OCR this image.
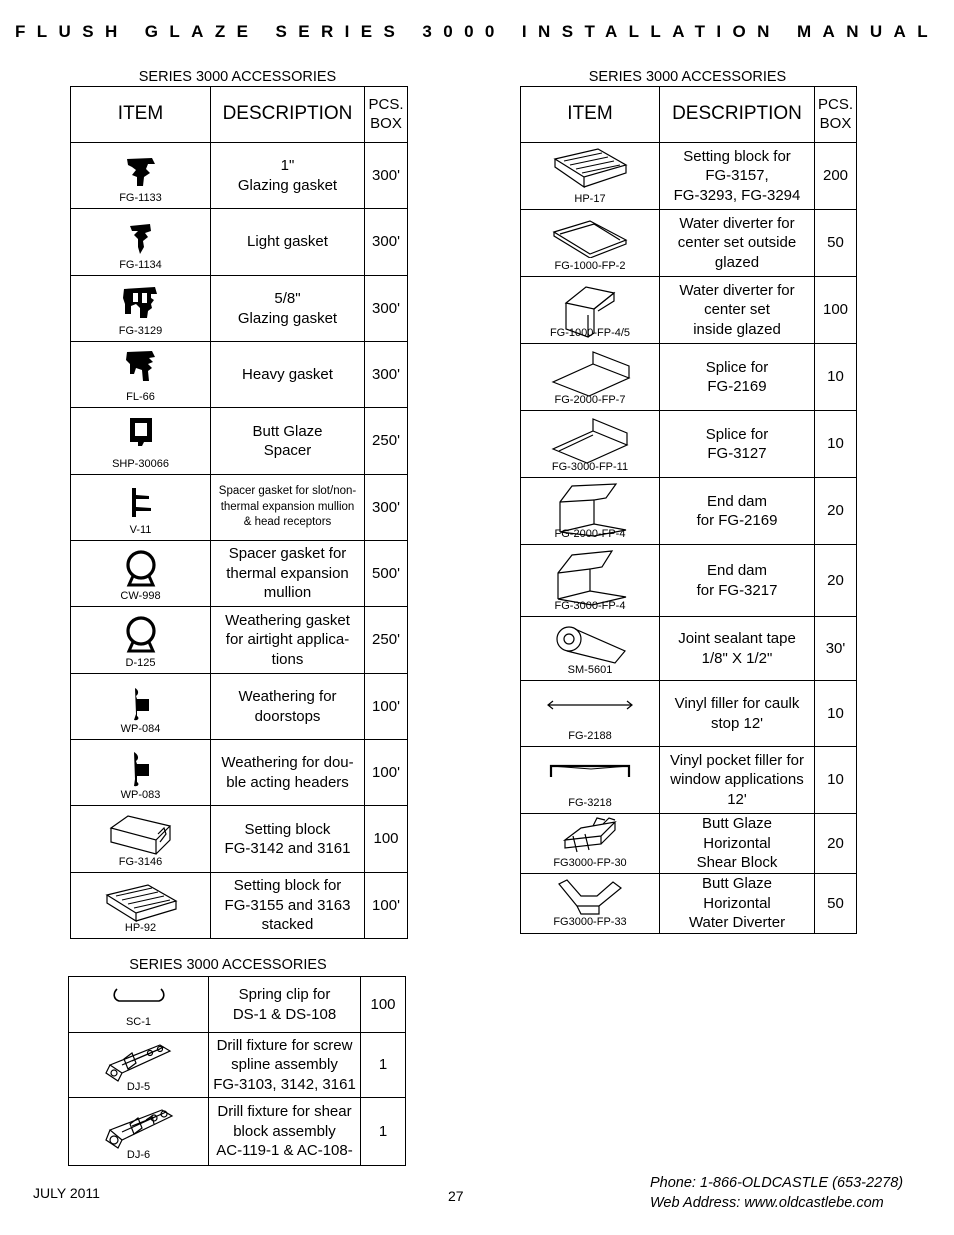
FLUSH GLAZE SERIES 3000 INSTALLATION MANUAL
SERIES 3000 ACCESSORIES
ITEM	DESCRIPTION	PCS.
BOX

FG-1133	1"
Glazing gasket	300'

FG-1134	Light gasket	300'

FG-3129	5/8"
Glazing gasket	300'

FL-66	Heavy gasket	300'

SHP-30066	Butt Glaze
Spacer	250'

V-11	Spacer gasket for slot/non-
thermal expansion mullion
& head receptors	300'

CW-998	Spacer gasket for
thermal expansion
mullion	500'

D-125	Weathering gasket
for airtight applica-
tions	250'

WP-084	Weathering for
doorstops	100'

WP-083	Weathering for dou-
ble acting headers	100'

FG-3146	Setting block
FG-3142 and 3161	100

HP-92	Setting block for
FG-3155 and 3163
stacked	100'
SERIES 3000 ACCESSORIES
ITEM	DESCRIPTION	PCS.
BOX

HP-17	Setting block for
FG-3157,
FG-3293, FG-3294	200

FG-1000-FP-2	Water diverter for
center set outside
glazed	50

FG-1000-FP-4/5	Water diverter for
center set
inside glazed	100

FG-2000-FP-7	Splice for
FG-2169	10

FG-3000-FP-11	Splice for
FG-3127	10

FG-2000-FP-4	End dam
for FG-2169	20

FG-3000-FP-4	End dam
for FG-3217	20

SM-5601	Joint sealant tape
1/8" X 1/2"	30'

FG-2188	Vinyl filler for caulk
stop 12'	10

FG-3218	Vinyl pocket filler for
window applications
12'	10

FG3000-FP-30	Butt Glaze
Horizontal
Shear Block	20

FG3000-FP-33	Butt Glaze
Horizontal
Water Diverter	50
SERIES 3000 ACCESSORIES
SC-1	Spring clip for
DS-1 & DS-108	100

DJ-5	Drill fixture for screw
spline assembly
FG-3103, 3142, 3161	1

DJ-6	Drill fixture for shear
block assembly
AC-119-1 & AC-108-	1
JULY 2011	27
Phone: 1-866-OLDCASTLE (653-2278)
Web Address: www.oldcastlebe.com
